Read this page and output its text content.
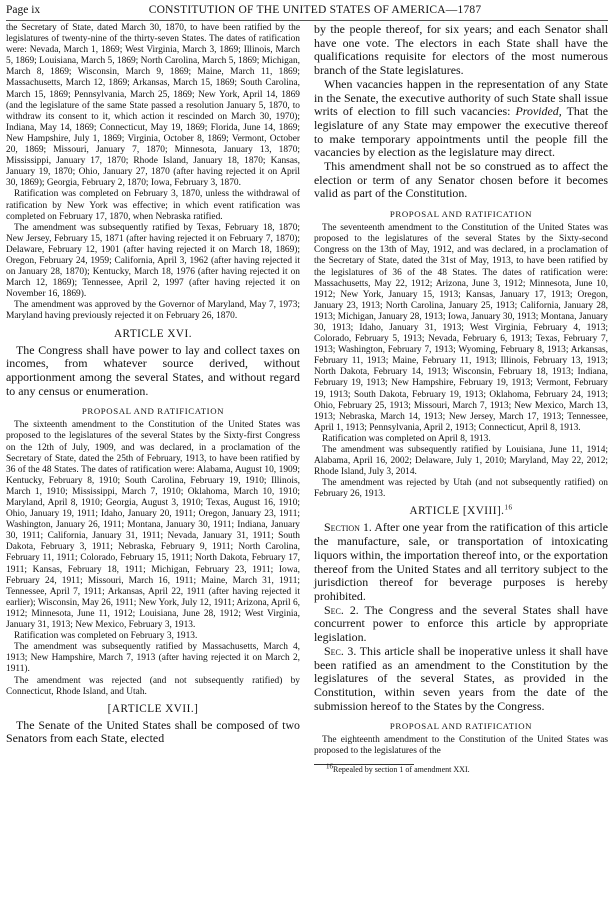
Page ix	CONSTITUTION OF THE UNITED STATES OF AMERICA—1787

the Secretary of State, dated March 30, 1870, to have been ratified by the legislatures of twenty-nine of the thirty-seven States. The dates of ratification were: Nevada, March 1, 1869; West Virginia, March 3, 1869; Illinois, March 5, 1869; Louisiana, March 5, 1869; North Carolina, March 5, 1869; Michigan, March 8, 1869; Wisconsin, March 9, 1869; Maine, March 11, 1869; Massachusetts, March 12, 1869; Arkansas, March 15, 1869; South Carolina, March 15, 1869; Pennsylvania, March 25, 1869; New York, April 14, 1869 (and the legislature of the same State passed a resolution January 5, 1870, to withdraw its consent to it, which action it rescinded on March 30, 1970); Indiana, May 14, 1869; Connecticut, May 19, 1869; Florida, June 14, 1869; New Hampshire, July 1, 1869; Virginia, October 8, 1869; Vermont, October 20, 1869; Missouri, January 7, 1870; Minnesota, January 13, 1870; Mississippi, January 17, 1870; Rhode Island, January 18, 1870; Kansas, January 19, 1870; Ohio, January 27, 1870 (after having rejected it on April 30, 1869); Georgia, February 2, 1870; Iowa, February 3, 1870.

Ratification was completed on February 3, 1870, unless the withdrawal of ratification by New York was effective; in which event ratification was completed on February 17, 1870, when Nebraska ratified.

The amendment was subsequently ratified by Texas, February 18, 1870; New Jersey, February 15, 1871 (after having rejected it on February 7, 1870); Delaware, February 12, 1901 (after having rejected it on March 18, 1869); Oregon, February 24, 1959; California, April 3, 1962 (after having rejected it on January 28, 1870); Kentucky, March 18, 1976 (after having rejected it on March 12, 1869); Tennessee, April 2, 1997 (after having rejected it on November 16, 1869).

The amendment was approved by the Governor of Maryland, May 7, 1973; Maryland having previously rejected it on February 26, 1870.

ARTICLE XVI.

The Congress shall have power to lay and collect taxes on incomes, from whatever source derived, without apportionment among the several States, and without regard to any census or enumeration.

PROPOSAL AND RATIFICATION

The sixteenth amendment to the Constitution of the United States was proposed to the legislatures of the several States by the Sixty-first Congress on the 12th of July, 1909, and was declared, in a proclamation of the Secretary of State, dated the 25th of February, 1913, to have been ratified by 36 of the 48 States. The dates of ratification were: Alabama, August 10, 1909; Kentucky, February 8, 1910; South Carolina, February 19, 1910; Illinois, March 1, 1910; Mississippi, March 7, 1910; Oklahoma, March 10, 1910; Maryland, April 8, 1910; Georgia, August 3, 1910; Texas, August 16, 1910; Ohio, January 19, 1911; Idaho, January 20, 1911; Oregon, January 23, 1911; Washington, January 26, 1911; Montana, January 30, 1911; Indiana, January 30, 1911; California, January 31, 1911; Nevada, January 31, 1911; South Dakota, February 3, 1911; Nebraska, February 9, 1911; North Carolina, February 11, 1911; Colorado, February 15, 1911; North Dakota, February 17, 1911; Kansas, February 18, 1911; Michigan, February 23, 1911; Iowa, February 24, 1911; Missouri, March 16, 1911; Maine, March 31, 1911; Tennessee, April 7, 1911; Arkansas, April 22, 1911 (after having rejected it earlier); Wisconsin, May 26, 1911; New York, July 12, 1911; Arizona, April 6, 1912; Minnesota, June 11, 1912; Louisiana, June 28, 1912; West Virginia, January 31, 1913; New Mexico, February 3, 1913.

Ratification was completed on February 3, 1913.

The amendment was subsequently ratified by Massachusetts, March 4, 1913; New Hampshire, March 7, 1913 (after having rejected it on March 2, 1911).

The amendment was rejected (and not subsequently ratified) by Connecticut, Rhode Island, and Utah.

[ARTICLE XVII.]

The Senate of the United States shall be composed of two Senators from each State, elected

by the people thereof, for six years; and each Senator shall have one vote. The electors in each State shall have the qualifications requisite for electors of the most numerous branch of the State legislatures.

When vacancies happen in the representation of any State in the Senate, the executive authority of such State shall issue writs of election to fill such vacancies: Provided, That the legislature of any State may empower the executive thereof to make temporary appointments until the people fill the vacancies by election as the legislature may direct.

This amendment shall not be so construed as to affect the election or term of any Senator chosen before it becomes valid as part of the Constitution.

PROPOSAL AND RATIFICATION

The seventeenth amendment to the Constitution of the United States was proposed to the legislatures of the several States by the Sixty-second Congress on the 13th of May, 1912, and was declared, in a proclamation of the Secretary of State, dated the 31st of May, 1913, to have been ratified by the legislatures of 36 of the 48 States. The dates of ratification were: Massachusetts, May 22, 1912; Arizona, June 3, 1912; Minnesota, June 10, 1912; New York, January 15, 1913; Kansas, January 17, 1913; Oregon, January 23, 1913; North Carolina, January 25, 1913; California, January 28, 1913; Michigan, January 28, 1913; Iowa, January 30, 1913; Montana, January 30, 1913; Idaho, January 31, 1913; West Virginia, February 4, 1913; Colorado, February 5, 1913; Nevada, February 6, 1913; Texas, February 7, 1913; Washington, February 7, 1913; Wyoming, February 8, 1913; Arkansas, February 11, 1913; Maine, February 11, 1913; Illinois, February 13, 1913; North Dakota, February 14, 1913; Wisconsin, February 18, 1913; Indiana, February 19, 1913; New Hampshire, February 19, 1913; Vermont, February 19, 1913; South Dakota, February 19, 1913; Oklahoma, February 24, 1913; Ohio, February 25, 1913; Missouri, March 7, 1913; New Mexico, March 13, 1913; Nebraska, March 14, 1913; New Jersey, March 17, 1913; Tennessee, April 1, 1913; Pennsylvania, April 2, 1913; Connecticut, April 8, 1913.

Ratification was completed on April 8, 1913.

The amendment was subsequently ratified by Louisiana, June 11, 1914; Alabama, April 16, 2002; Delaware, July 1, 2010; Maryland, May 22, 2012; Rhode Island, July 3, 2014.

The amendment was rejected by Utah (and not subsequently ratified) on February 26, 1913.

ARTICLE [XVIII].$^{16}$

Section 1. After one year from the ratification of this article the manufacture, sale, or transportation of intoxicating liquors within, the importation thereof into, or the exportation thereof from the United States and all territory subject to the jurisdiction thereof for beverage purposes is hereby prohibited.

Sec. 2. The Congress and the several States shall have concurrent power to enforce this article by appropriate legislation.

Sec. 3. This article shall be inoperative unless it shall have been ratified as an amendment to the Constitution by the legislatures of the several States, as provided in the Constitution, within seven years from the date of the submission hereof to the States by the Congress.

PROPOSAL AND RATIFICATION

The eighteenth amendment to the Constitution of the United States was proposed to the legislatures of the

$^{16}$Repealed by section 1 of amendment XXI.
